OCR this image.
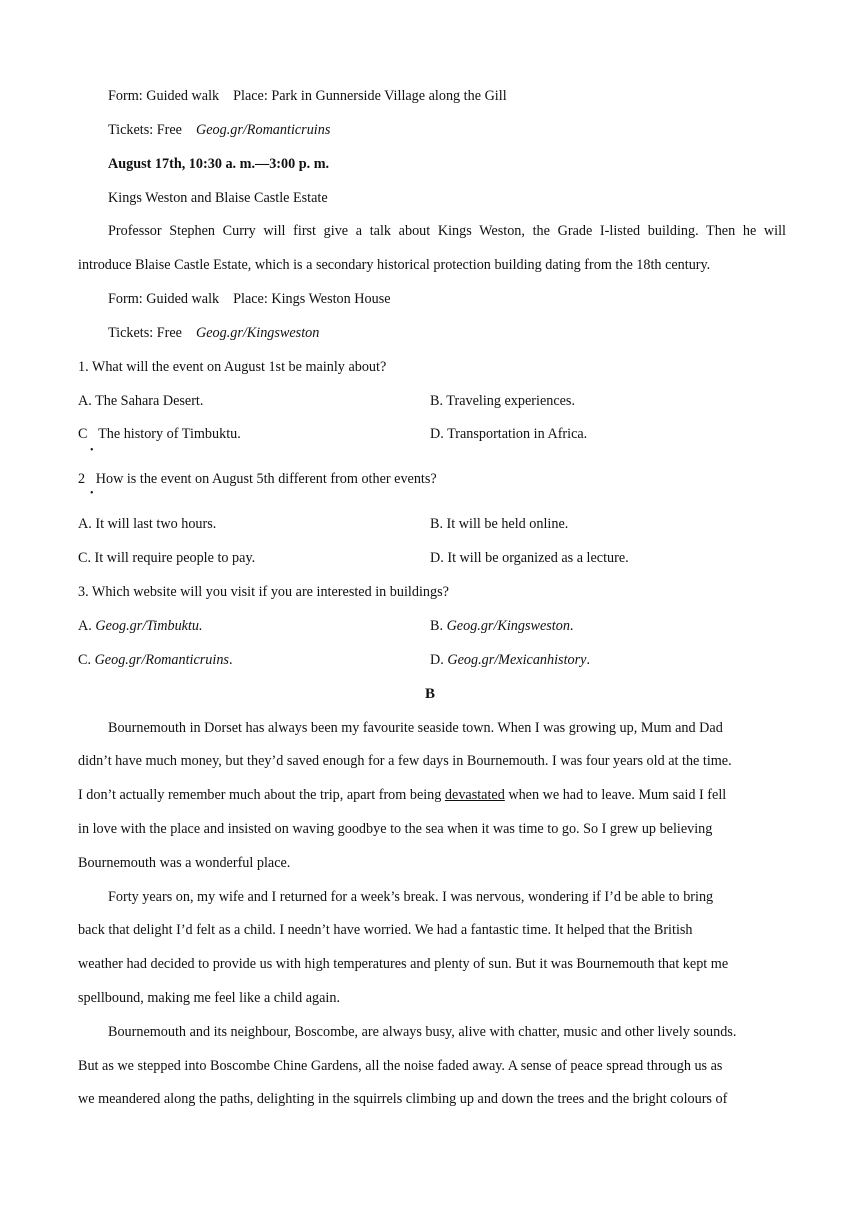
Form: Guided walk Place: Park in Gunnerside Village along the Gill
Tickets: Free Geog.gr/Romanticruins
August 17th, 10:30 a. m.—3:00 p. m.
Kings Weston and Blaise Castle Estate
Professor Stephen Curry will first give a talk about Kings Weston, the Grade I-listed building. Then he will
introduce Blaise Castle Estate, which is a secondary historical protection building dating from the 18th century.
Form: Guided walk Place: Kings Weston House
Tickets: Free Geog.gr/Kingsweston
1. What will the event on August 1st be mainly about?
A. The Sahara Desert.	B. Traveling experiences.
C The history of Timbuktu.	D. Transportation in Africa.
•
2 How is the event on August 5th different from other events?
•
A. It will last two hours.	B. It will be held online.
C. It will require people to pay.	D. It will be organized as a lecture.
3. Which website will you visit if you are interested in buildings?
A. Geog.gr/Timbuktu.	B. Geog.gr/Kingsweston.
C. Geog.gr/Romanticruins.	D. Geog.gr/Mexicanhistory.
B
Bournemouth in Dorset has always been my favourite seaside town. When I was growing up, Mum and Dad
didn’t have much money, but they’d saved enough for a few days in Bournemouth. I was four years old at the time.
I don’t actually remember much about the trip, apart from being devastated when we had to leave. Mum said I fell
in love with the place and insisted on waving goodbye to the sea when it was time to go. So I grew up believing
Bournemouth was a wonderful place.
Forty years on, my wife and I returned for a week’s break. I was nervous, wondering if I’d be able to bring
back that delight I’d felt as a child. I needn’t have worried. We had a fantastic time. It helped that the British
weather had decided to provide us with high temperatures and plenty of sun. But it was Bournemouth that kept me
spellbound, making me feel like a child again.
Bournemouth and its neighbour, Boscombe, are always busy, alive with chatter, music and other lively sounds.
But as we stepped into Boscombe Chine Gardens, all the noise faded away. A sense of peace spread through us as
we meandered along the paths, delighting in the squirrels climbing up and down the trees and the bright colours of
